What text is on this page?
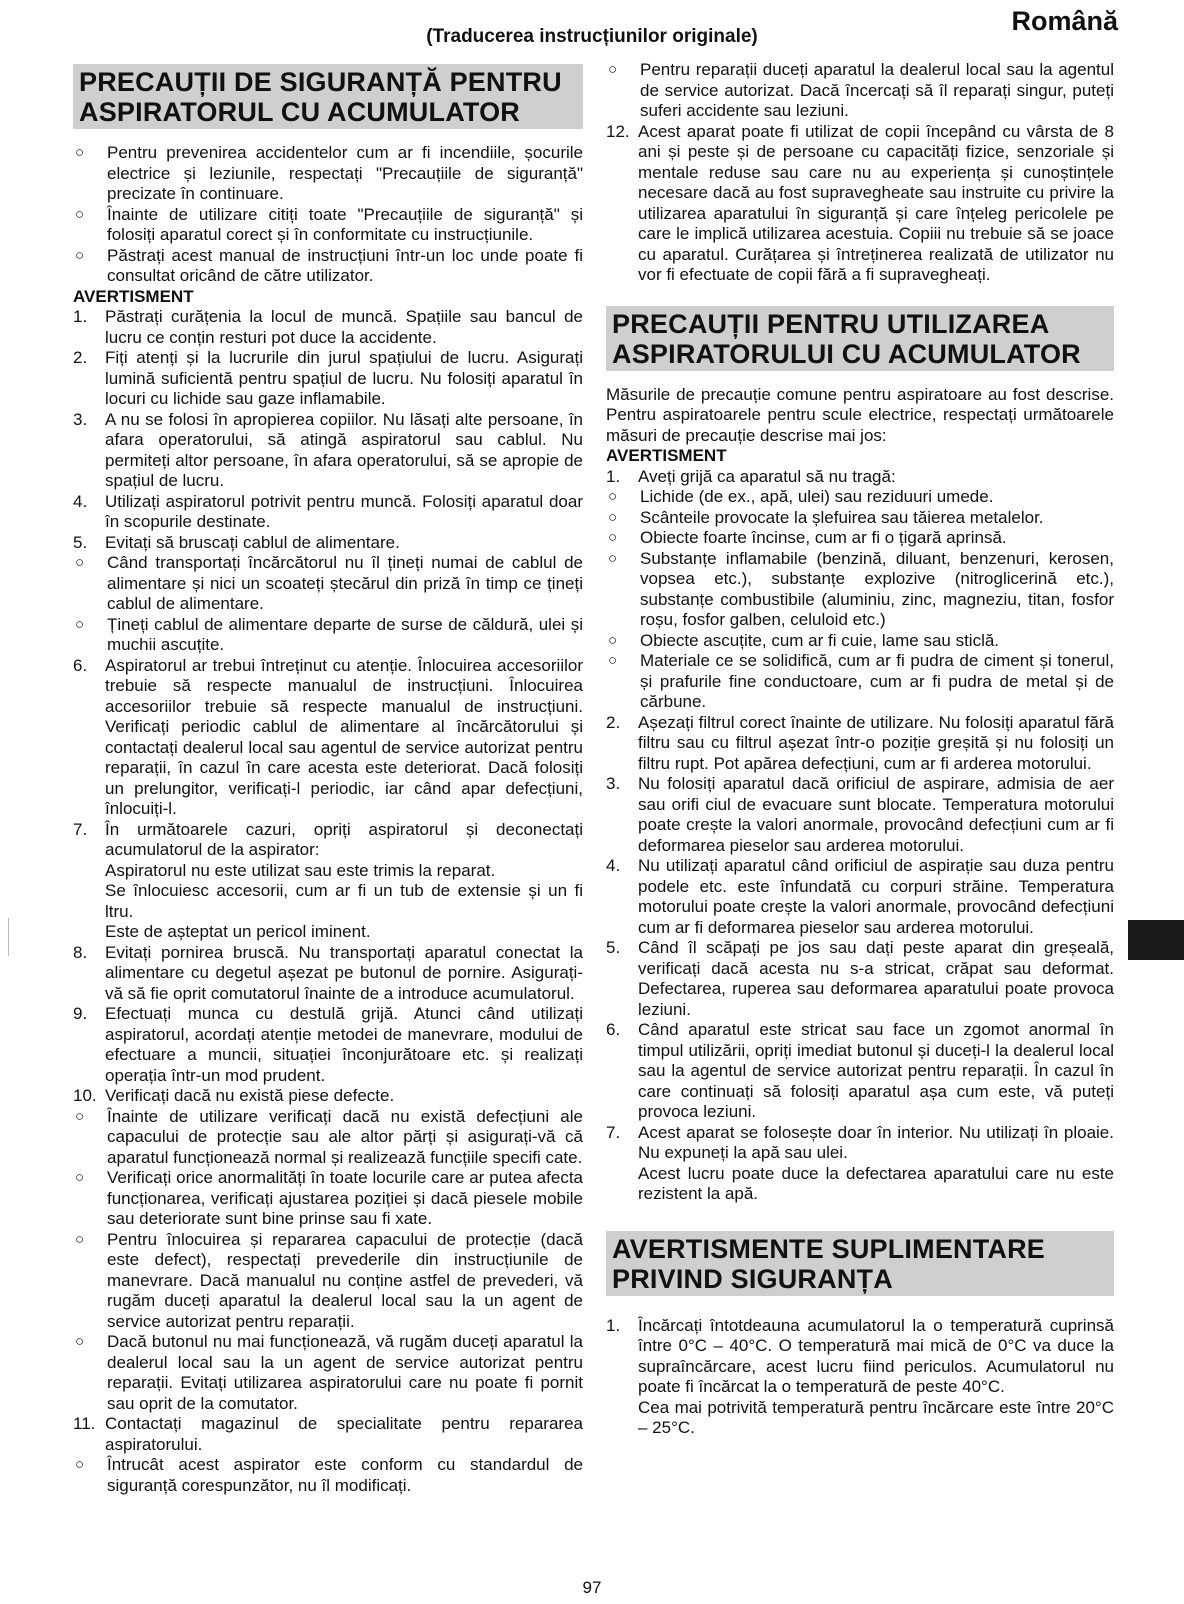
(Traducerea instrucțiunilor originale)
Română
PRECAUȚII DE SIGURANȚĂ PENTRU
ASPIRATORUL CU ACUMULATOR
○	Pentru prevenirea accidentelor cum ar fi incendiile, șocurile electrice și leziunile, respectați "Precauțiile de siguranță" precizate în continuare.
○	Înainte de utilizare citiți toate "Precauțiile de siguranță" și folosiți aparatul corect și în conformitate cu instrucțiunile.
○	Păstrați acest manual de instrucțiuni într-un loc unde poate fi consultat oricând de către utilizator.
AVERTISMENT
1.	Păstrați curățenia la locul de muncă. Spațiile sau bancul de lucru ce conțin resturi pot duce la accidente.
2.	Fiți atenți și la lucrurile din jurul spațiului de lucru. Asigurați lumină suficientă pentru spațiul de lucru. Nu folosiți aparatul în locuri cu lichide sau gaze inflamabile.
3.	A nu se folosi în apropierea copiilor. Nu lăsați alte persoane, în afara operatorului, să atingă aspiratorul sau cablul. Nu permiteți altor persoane, în afara operatorului, să se apropie de spațiul de lucru.
4.	Utilizați aspiratorul potrivit pentru muncă. Folosiți aparatul doar în scopurile destinate.
5.	Evitați să bruscați cablul de alimentare.
○	Când transportați încărcătorul nu îl țineți numai de cablul de alimentare și nici un scoateți ștecărul din priză în timp ce țineți cablul de alimentare.
○	Țineți cablul de alimentare departe de surse de căldură, ulei și muchii ascuțite.
6.	Aspiratorul ar trebui întreținut cu atenție. Înlocuirea accesoriilor trebuie să respecte manualul de instrucțiuni. Înlocuirea accesoriilor trebuie să respecte manualul de instrucțiuni. Verificați periodic cablul de alimentare al încărcătorului și contactați dealerul local sau agentul de service autorizat pentru reparații, în cazul în care acesta este deteriorat. Dacă folosiți un prelungitor, verificați-l periodic, iar când apar defecțiuni, înlocuiți-l.
7.	În următoarele cazuri, opriți aspiratorul și deconectați acumulatorul de la aspirator:
Aspiratorul nu este utilizat sau este trimis la reparat.
Se înlocuiesc accesorii, cum ar fi un tub de extensie și un fi ltru.
Este de așteptat un pericol iminent.
8.	Evitați pornirea bruscă. Nu transportați aparatul conectat la alimentare cu degetul așezat pe butonul de pornire. Asigurați-vă să fie oprit comutatorul înainte de a introduce acumulatorul.
9.	Efectuați munca cu destulă grijă. Atunci când utilizați aspiratorul, acordați atenție metodei de manevrare, modului de efectuare a muncii, situației înconjurătoare etc. și realizați operația într-un mod prudent.
10. Verificați dacă nu există piese defecte.
○	Înainte de utilizare verificați dacă nu există defecțiuni ale capacului de protecție sau ale altor părți și asigurați-vă că aparatul funcționează normal și realizează funcțiile specifi cate.
○	Verificați orice anormalități în toate locurile care ar putea afecta funcționarea, verificați ajustarea poziției și dacă piesele mobile sau deteriorate sunt bine prinse sau fi xate.
○	Pentru înlocuirea și repararea capacului de protecție (dacă este defect), respectați prevederile din instrucțiunile de manevrare. Dacă manualul nu conține astfel de prevederi, vă rugăm duceți aparatul la dealerul local sau la un agent de service autorizat pentru reparații.
○	Dacă butonul nu mai funcționează, vă rugăm duceți aparatul la dealerul local sau la un agent de service autorizat pentru reparații. Evitați utilizarea aspiratorului care nu poate fi pornit sau oprit de la comutator.
11. Contactați magazinul de specialitate pentru repararea aspiratorului.
○	Întrucât acest aspirator este conform cu standardul de siguranță corespunzător, nu îl modificați.
○	Pentru reparații duceți aparatul la dealerul local sau la agentul de service autorizat. Dacă încercați să îl reparați singur, puteți suferi accidente sau leziuni.
12. Acest aparat poate fi utilizat de copii începând cu vârsta de 8 ani și peste și de persoane cu capacități fizice, senzoriale și mentale reduse sau care nu au experiența și cunoștințele necesare dacă au fost supravegheate sau instruite cu privire la utilizarea aparatului în siguranță și care înțeleg pericolele pe care le implică utilizarea acestuia. Copiii nu trebuie să se joace cu aparatul. Curățarea și întreținerea realizată de utilizator nu vor fi efectuate de copii fără a fi supravegheați.
PRECAUȚII PENTRU UTILIZAREA
ASPIRATORULUI CU ACUMULATOR
Măsurile de precauție comune pentru aspiratoare au fost descrise. Pentru aspiratoarele pentru scule electrice, respectați următoarele măsuri de precauție descrise mai jos:
AVERTISMENT
1.	Aveți grijă ca aparatul să nu tragă:
○	Lichide (de ex., apă, ulei) sau reziduuri umede.
○	Scânteile provocate la șlefuirea sau tăierea metalelor.
○	Obiecte foarte încinse, cum ar fi o țigară aprinsă.
○	Substanțe inflamabile (benzină, diluant, benzenuri, kerosen, vopsea etc.), substanțe explozive (nitroglicerină etc.), substanțe combustibile (aluminiu, zinc, magneziu, titan, fosfor roșu, fosfor galben, celuloid etc.)
○	Obiecte ascuțite, cum ar fi cuie, lame sau sticlă.
○	Materiale ce se solidifică, cum ar fi pudra de ciment și tonerul, și prafurile fine conductoare, cum ar fi pudra de metal și de cărbune.
2.	Așezați filtrul corect înainte de utilizare. Nu folosiți aparatul fără filtru sau cu filtrul așezat într-o poziție greșită și nu folosiți un filtru rupt. Pot apărea defecțiuni, cum ar fi arderea motorului.
3.	Nu folosiți aparatul dacă orificiul de aspirare, admisia de aer sau orifi ciul de evacuare sunt blocate. Temperatura motorului poate crește la valori anormale, provocând defecțiuni cum ar fi deformarea pieselor sau arderea motorului.
4.	Nu utilizați aparatul când orificiul de aspirație sau duza pentru podele etc. este înfundată cu corpuri străine. Temperatura motorului poate crește la valori anormale, provocând defecțiuni cum ar fi deformarea pieselor sau arderea motorului.
5.	Când îl scăpați pe jos sau dați peste aparat din greșeală, verificați dacă acesta nu s-a stricat, crăpat sau deformat. Defectarea, ruperea sau deformarea aparatului poate provoca leziuni.
6.	Când aparatul este stricat sau face un zgomot anormal în timpul utilizării, opriți imediat butonul și duceți-l la dealerul local sau la agentul de service autorizat pentru reparații. În cazul în care continuați să folosiți aparatul așa cum este, vă puteți provoca leziuni.
7.	Acest aparat se folosește doar în interior. Nu utilizați în ploaie. Nu expuneți la apă sau ulei.
Acest lucru poate duce la defectarea aparatului care nu este rezistent la apă.
AVERTISMENTE SUPLIMENTARE
PRIVIND SIGURANȚA
1.	Încărcați întotdeauna acumulatorul la o temperatură cuprinsă între 0°C – 40°C. O temperatură mai mică de 0°C va duce la supraîncărcare, acest lucru fiind periculos. Acumulatorul nu poate fi încărcat la o temperatură de peste 40°C.
Cea mai potrivită temperatură pentru încărcare este între 20°C – 25°C.
97
